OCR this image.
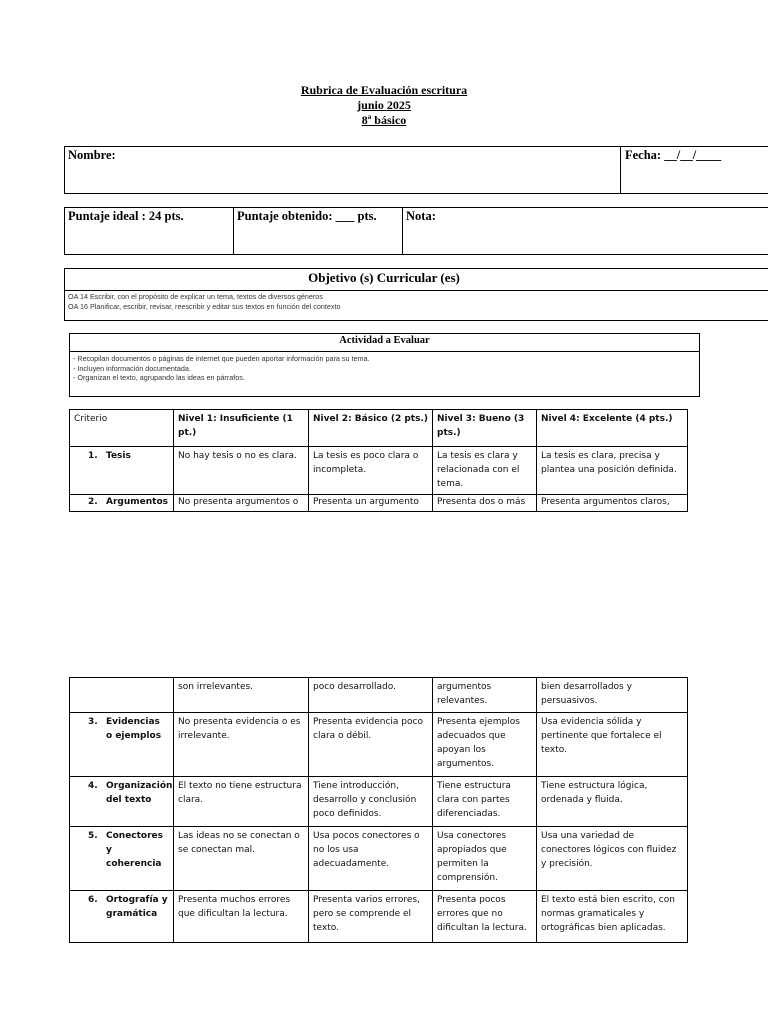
Rubrica de Evaluación escritura
junio 2025
8ª básico
Nombre:	Fecha: __/__/____
Puntaje ideal : 24 pts.	Puntaje obtenido: ___ pts. Nota:
Objetivo (s) Curricular (es)
OA 14 Escribir, con el propósito de explicar un tema, textos de diversos géneros
OA 16 Planificar, escribir, revisar, reescribir y editar sus textos en función del contexto
Actividad a Evaluar
- Recopilan documentos o páginas de internet que pueden aportar información para su tema.
- Incluyen información documentada.
- Organizan el texto, agrupando las ideas en párrafos.
Criterio	Nivel 1: Insuficiente (1 pt.)	Nivel 2: Básico (2 pts.)	Nivel 3: Bueno (3 pts.)	Nivel 4: Excelente (4 pts.)

1. Tesis	No hay tesis o no es clara.	La tesis es poco clara o incompleta.	La tesis es clara y relacionada con el tema.	La tesis es clara, precisa y plantea una posición definida.

2. Argumentos	No presenta argumentos o	Presenta un argumento	Presenta dos o más	Presenta argumentos claros,
	son irrelevantes.	poco desarrollado.	argumentos relevantes.	bien desarrollados y persuasivos.

3. Evidencias o ejemplos	No presenta evidencia o es irrelevante.	Presenta evidencia poco clara o débil.	Presenta ejemplos adecuados que apoyan los argumentos.	Usa evidencia sólida y pertinente que fortalece el texto.

4. Organización del texto	El texto no tiene estructura clara.	Tiene introducción, desarrollo y conclusión poco definidos.	Tiene estructura clara con partes diferenciadas.	Tiene estructura lógica, ordenada y fluida.

5. Conectores y coherencia	Las ideas no se conectan o se conectan mal.	Usa pocos conectores o no los usa adecuadamente.	Usa conectores apropiados que permiten la comprensión.	Usa una variedad de conectores lógicos con fluidez y precisión.

6. Ortografía y gramática	Presenta muchos errores que dificultan la lectura.	Presenta varios errores, pero se comprende el texto.	Presenta pocos errores que no dificultan la lectura.	El texto está bien escrito, con normas gramaticales y ortográficas bien aplicadas.
